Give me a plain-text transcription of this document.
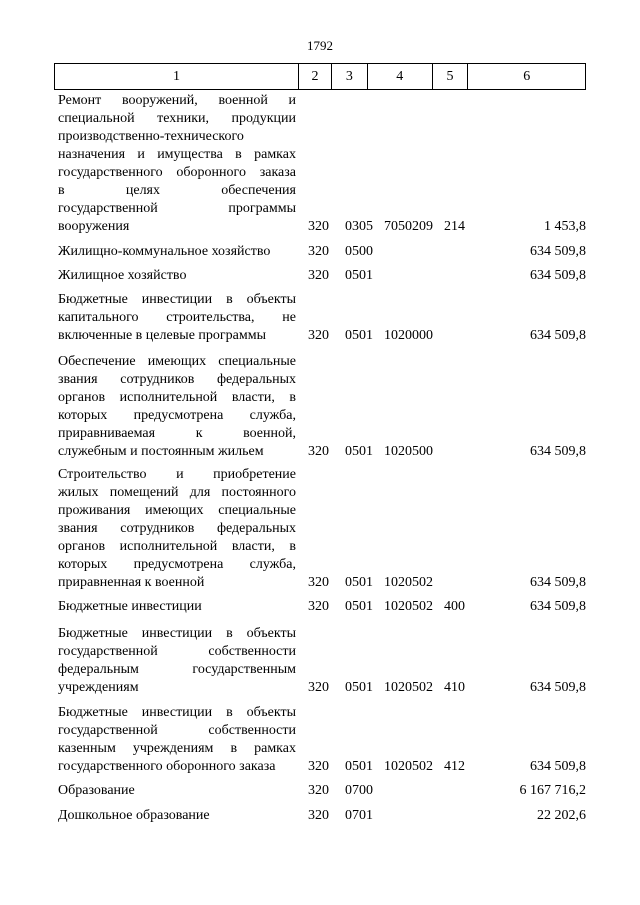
1792
1	2	3	4	5	6
Ремонт вооружений, военной и
специальной техники, продукции
производственно-технического
назначения и имущества в рамках
государственного оборонного заказа
в целях обеспечения
государственной программы
вооружения	320 0305 7050209 214	1 453,8
Жилищно-коммунальное хозяйство	320 0500	634 509,8
Жилищное хозяйство	320 0501	634 509,8
Бюджетные инвестиции в объекты
капитального строительства, не
включенные в целевые программы	320 0501 1020000	634 509,8
Обеспечение имеющих специальные
звания сотрудников федеральных
органов исполнительной власти, в
которых предусмотрена служба,
приравниваемая к военной,
служебным и постоянным жильем	320 0501 1020500	634 509,8
Строительство и приобретение
жилых помещений для постоянного
проживания имеющих специальные
звания сотрудников федеральных
органов исполнительной власти, в
которых предусмотрена служба,
приравненная к военной	320 0501 1020502	634 509,8
Бюджетные инвестиции	320 0501 1020502 400	634 509,8
Бюджетные инвестиции в объекты
государственной собственности
федеральным государственным
учреждениям	320 0501 1020502 410	634 509,8
Бюджетные инвестиции в объекты
государственной собственности
казенным учреждениям в рамках
государственного оборонного заказа	320 0501 1020502 412	634 509,8
Образование	320 0700	6 167 716,2
Дошкольное образование	320 0701	22 202,6
